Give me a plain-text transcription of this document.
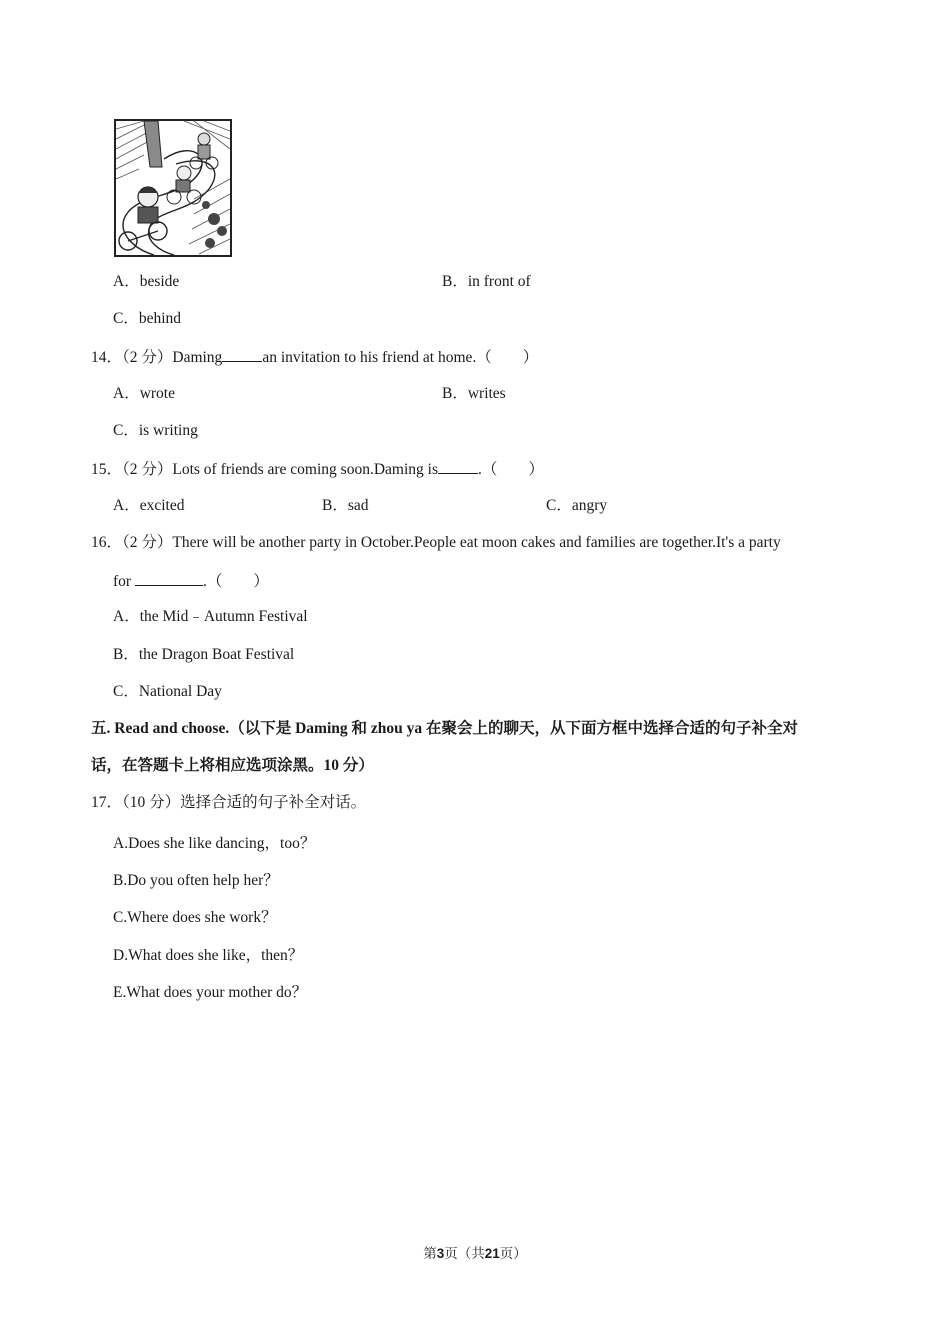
A．beside	B．in front of
C．behind
14．（2 分）Daming	an invitation to his friend at home.（　　）
A．wrote	B．writes
C．is writing
15．（2 分）Lots of friends are coming soon.Daming is	.（　　）
A．excited	B．sad	C．angry
16．（2 分）There will be another party in October.People eat moon cakes and families are together.It's a party
for	.（　　）
A．the Mid﹣Autumn Festival
B．the Dragon Boat Festival
C．National Day
五. Read and choose.（以下是 Daming 和 zhou ya 在聚会上的聊天，从下面方框中选择合适的句子补全对
话，在答题卡上将相应选项涂黑。10 分）
17．（10 分）选择合适的句子补全对话。
A.Does she like dancing，too？
B.Do you often help her？
C.Where does she work？
D.What does she like，then？
E.What does your mother do？
第3页（共21页）
